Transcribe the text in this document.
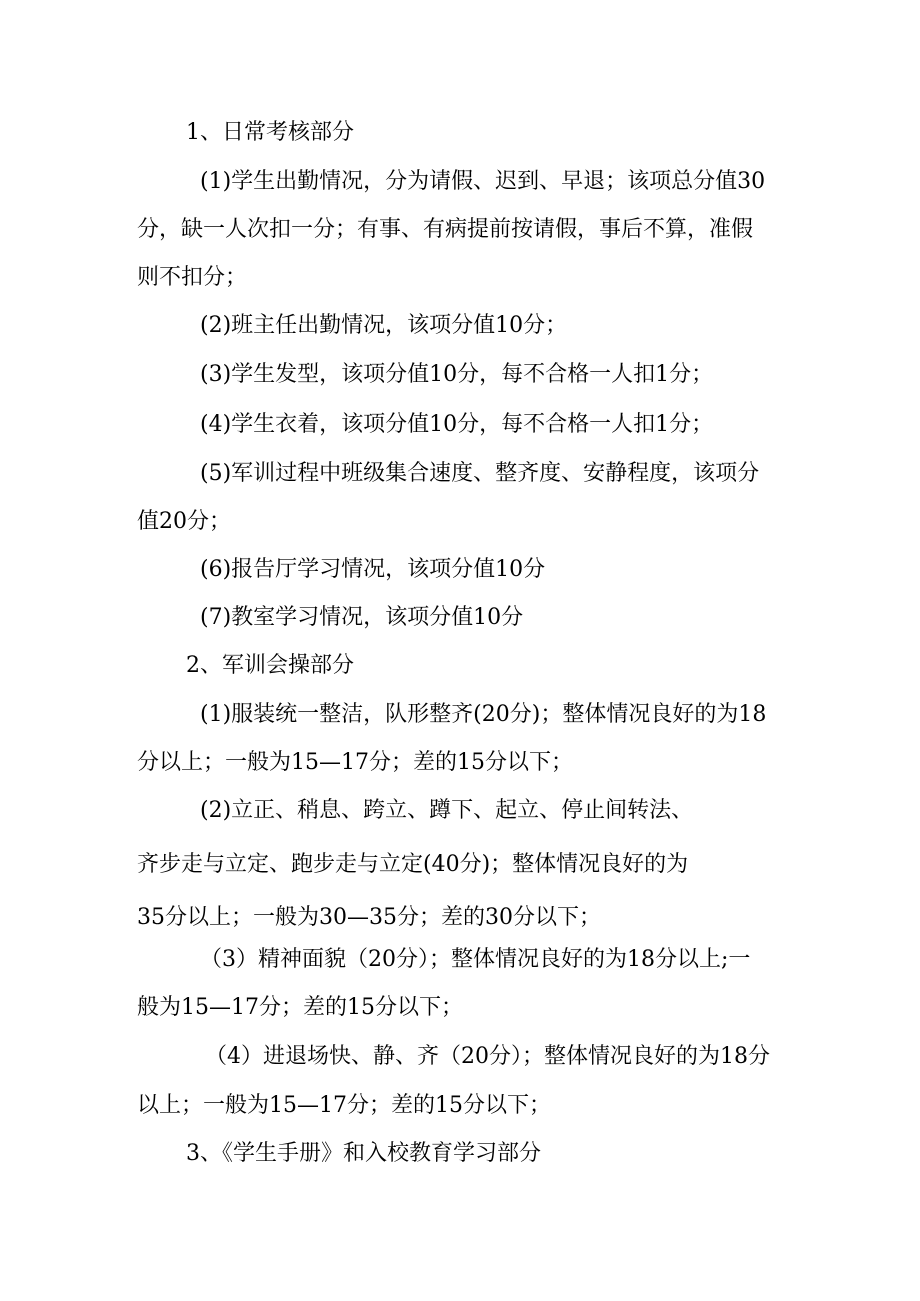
1、日常考核部分

(1)学生出勤情况，分为请假、迟到、早退；该项总分值30

分，缺一人次扣一分；有事、有病提前按请假，事后不算，准假

则不扣分；

(2)班主任出勤情况，该项分值10分；

(3)学生发型，该项分值10分，每不合格一人扣1分；

(4)学生衣着，该项分值10分，每不合格一人扣1分；

(5)军训过程中班级集合速度、整齐度、安静程度，该项分

值20分；

(6)报告厅学习情况，该项分值10分

(7)教室学习情况，该项分值10分

2、军训会操部分

(1)服装统一整洁，队形整齐(20分)；整体情况良好的为18

分以上；一般为15—17分；差的15分以下；

(2)立正、稍息、跨立、蹲下、起立、停止间转法、

齐步走与立定、跑步走与立定(40分)；整体情况良好的为

35分以上；一般为30—35分；差的30分以下；

（3）精神面貌（20分）；整体情况良好的为18分以上;一

般为15—17分；差的15分以下；

（4）进退场快、静、齐（20分）；整体情况良好的为18分

以上；一般为15—17分；差的15分以下；

3、《学生手册》和入校教育学习部分
